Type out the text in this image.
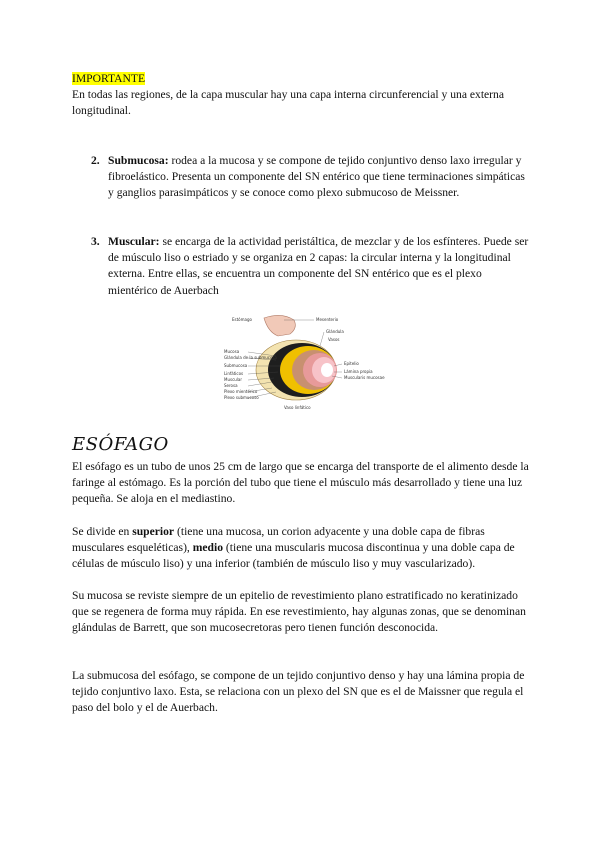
IMPORTANTE
En todas las regiones, de la capa muscular hay una capa interna circunferencial y una externa longitudinal.

2. Submucosa: rodea a la mucosa y se compone de tejido conjuntivo denso laxo irregular y fibroelástico. Presenta un componente del SN entérico que tiene terminaciones simpáticas y ganglios parasimpáticos y se conoce como plexo submucoso de Meissner.
3. Muscular: se encarga de la actividad peristáltica, de mezclar y de los esfínteres. Puede ser de músculo liso o estriado y se organiza en 2 capas: la circular interna y la longitudinal externa. Entre ellas, se encuentra un componente del SN entérico que es el plexo mientérico de Auerbach
Estómago	Mesenterio
Glándula
Vasos
Mucosa
Glándula de la submucosa
Submucosa
Linfáticos
Muscular
Serosa
Plexo mientérico
Plexo submucoso
Epitelio
Lámina propia
Muscularis mucosae
Vaso linfático

ESÓFAGO

El esófago es un tubo de unos 25 cm de largo que se encarga del transporte de el alimento desde la faringe al estómago. Es la porción del tubo que tiene el músculo más desarrollado y tiene una luz pequeña. Se aloja en el mediastino.

Se divide en superior (tiene una mucosa, un corion adyacente y una doble capa de fibras musculares esqueléticas), medio (tiene una muscularis mucosa discontinua y una doble capa de células de músculo liso) y una inferior (también de músculo liso y muy vascularizado).

Su mucosa se reviste siempre de un epitelio de revestimiento plano estratificado no keratinizado que se regenera de forma muy rápida. En ese revestimiento, hay algunas zonas, que se denominan glándulas de Barrett, que son mucosecretoras pero tienen función desconocida.

La submucosa del esófago, se compone de un tejido conjuntivo denso y hay una lámina propia de tejido conjuntivo laxo. Esta, se relaciona con un plexo del SN que es el de Maissner que regula el paso del bolo y el de Auerbach.
